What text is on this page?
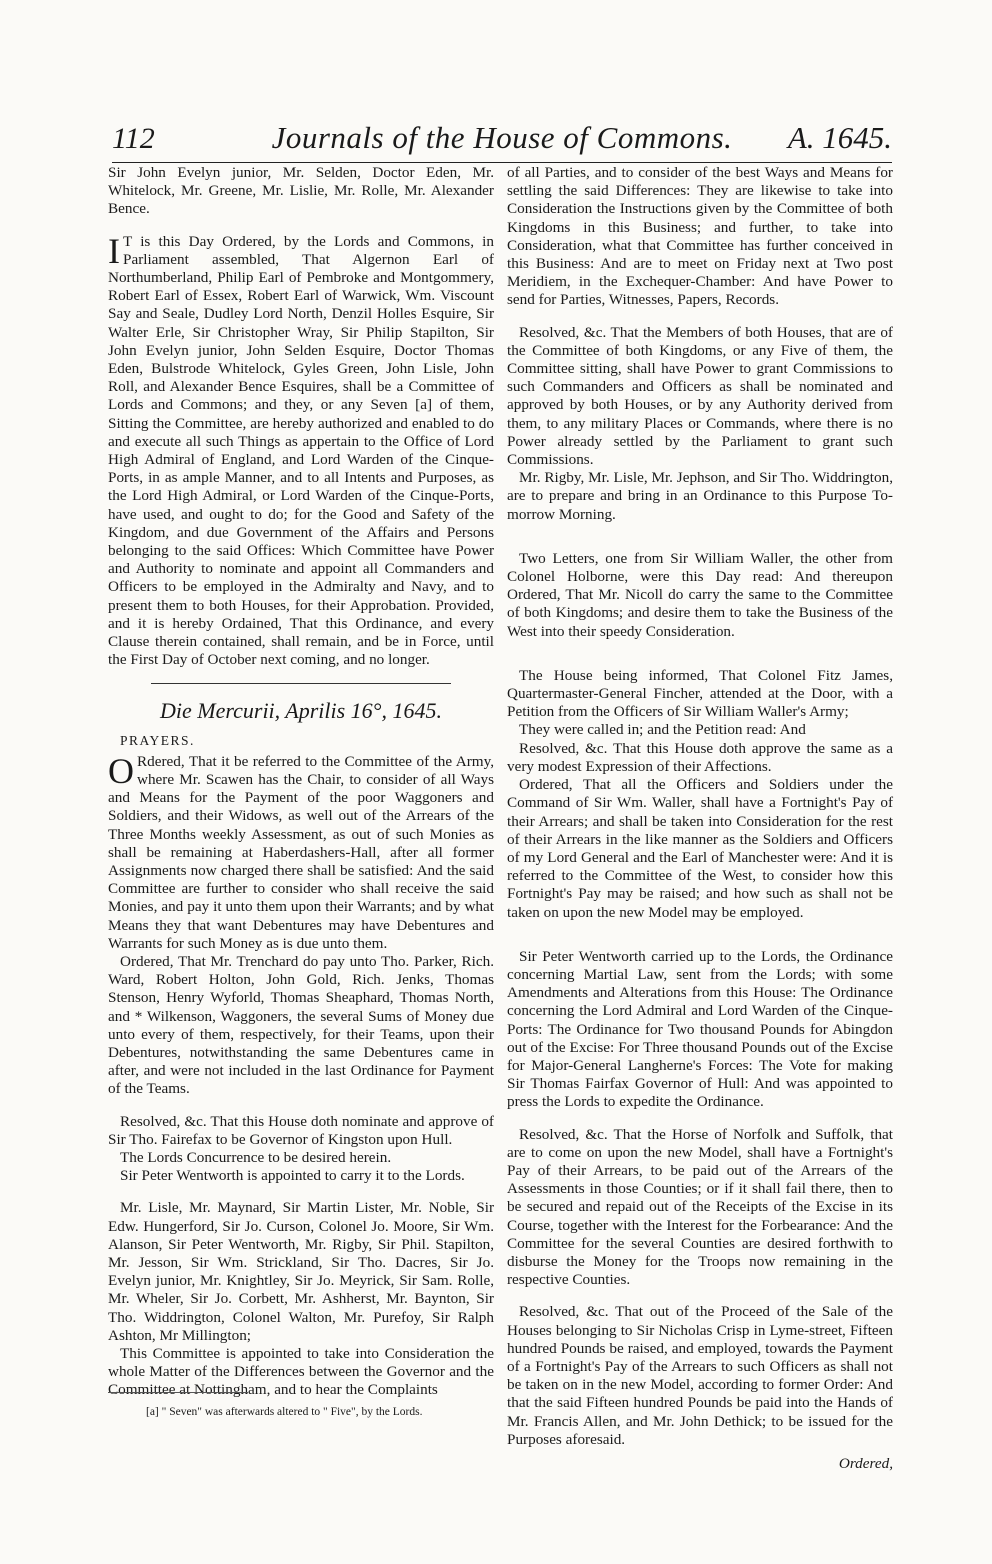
112	Journals of the House of Commons.	A. 1645.

Sir John Evelyn junior, Mr. Selden, Doctor Eden, Mr. Whitelock, Mr. Greene, Mr. Lislie, Mr. Rolle, Mr. Alexander Bence.

IT is this Day Ordered, by the Lords and Commons, in Parliament assembled, That Algernon Earl of Northumberland, Philip Earl of Pembroke and Montgommery, Robert Earl of Essex, Robert Earl of Warwick, Wm. Viscount Say and Seale, Dudley Lord North, Denzil Holles Esquire, Sir Walter Erle, Sir Christopher Wray, Sir Philip Stapilton, Sir John Evelyn junior, John Selden Esquire, Doctor Thomas Eden, Bulstrode Whitelock, Gyles Green, John Lisle, John Roll, and Alexander Bence Esquires, shall be a Committee of Lords and Commons; and they, or any Seven [a] of them, Sitting the Committee, are hereby authorized and enabled to do and execute all such Things as appertain to the Office of Lord High Admiral of England, and Lord Warden of the Cinque-Ports, in as ample Manner, and to all Intents and Purposes, as the Lord High Admiral, or Lord Warden of the Cinque-Ports, have used, and ought to do; for the Good and Safety of the Kingdom, and due Government of the Affairs and Persons belonging to the said Offices: Which Committee have Power and Authority to nominate and appoint all Commanders and Officers to be employed in the Admiralty and Navy, and to present them to both Houses, for their Approbation. Provided, and it is hereby Ordained, That this Ordinance, and every Clause therein contained, shall remain, and be in Force, until the First Day of October next coming, and no longer.

Die Mercurii, Aprilis 16°, 1645.
PRAYERS.

ORdered, That it be referred to the Committee of the Army, where Mr. Scawen has the Chair, to consider of all Ways and Means for the Payment of the poor Waggoners and Soldiers, and their Widows, as well out of the Arrears of the Three Months weekly Assessment, as out of such Monies as shall be remaining at Haberdashers-Hall, after all former Assignments now charged there shall be satisfied: And the said Committee are further to consider who shall receive the said Monies, and pay it unto them upon their Warrants; and by what Means they that want Debentures may have Debentures and Warrants for such Money as is due unto them.

Ordered, That Mr. Trenchard do pay unto Tho. Parker, Rich. Ward, Robert Holton, John Gold, Rich. Jenks, Thomas Stenson, Henry Wyforld, Thomas Sheaphard, Thomas North, and * Wilkenson, Waggoners, the several Sums of Money due unto every of them, respectively, for their Teams, upon their Debentures, notwithstanding the same Debentures came in after, and were not included in the last Ordinance for Payment of the Teams.

Resolved, &c. That this House doth nominate and approve of Sir Tho. Fairefax to be Governor of Kingston upon Hull.

The Lords Concurrence to be desired herein.

Sir Peter Wentworth is appointed to carry it to the Lords.

Mr. Lisle, Mr. Maynard, Sir Martin Lister, Mr. Noble, Sir Edw. Hungerford, Sir Jo. Curson, Colonel Jo. Moore, Sir Wm. Alanson, Sir Peter Wentworth, Mr. Rigby, Sir Phil. Stapilton, Mr. Jesson, Sir Wm. Strickland, Sir Tho. Dacres, Sir Jo. Evelyn junior, Mr. Knightley, Sir Jo. Meyrick, Sir Sam. Rolle, Mr. Wheler, Sir Jo. Corbett, Mr. Ashherst, Mr. Baynton, Sir Tho. Widdrington, Colonel Walton, Mr. Purefoy, Sir Ralph Ashton, Mr Millington;

This Committee is appointed to take into Consideration the whole Matter of the Differences between the Governor and the Committee at Nottingham, and to hear the Complaints

[a] " Seven" was afterwards altered to " Five", by the Lords.

of all Parties, and to consider of the best Ways and Means for settling the said Differences: They are likewise to take into Consideration the Instructions given by the Committee of both Kingdoms in this Business; and further, to take into Consideration, what that Committee has further conceived in this Business: And are to meet on Friday next at Two post Meridiem, in the Exchequer-Chamber: And have Power to send for Parties, Witnesses, Papers, Records.

Resolved, &c. That the Members of both Houses, that are of the Committee of both Kingdoms, or any Five of them, the Committee sitting, shall have Power to grant Commissions to such Commanders and Officers as shall be nominated and approved by both Houses, or by any Authority derived from them, to any military Places or Commands, where there is no Power already settled by the Parliament to grant such Commissions.

Mr. Rigby, Mr. Lisle, Mr. Jephson, and Sir Tho. Widdrington, are to prepare and bring in an Ordinance to this Purpose To-morrow Morning.

Two Letters, one from Sir William Waller, the other from Colonel Holborne, were this Day read: And thereupon Ordered, That Mr. Nicoll do carry the same to the Committee of both Kingdoms; and desire them to take the Business of the West into their speedy Consideration.

The House being informed, That Colonel Fitz James, Quartermaster-General Fincher, attended at the Door, with a Petition from the Officers of Sir William Waller's Army;

They were called in; and the Petition read: And

Resolved, &c. That this House doth approve the same as a very modest Expression of their Affections.

Ordered, That all the Officers and Soldiers under the Command of Sir Wm. Waller, shall have a Fortnight's Pay of their Arrears; and shall be taken into Consideration for the rest of their Arrears in the like manner as the Soldiers and Officers of my Lord General and the Earl of Manchester were: And it is referred to the Committee of the West, to consider how this Fortnight's Pay may be raised; and how such as shall not be taken on upon the new Model may be employed.

Sir Peter Wentworth carried up to the Lords, the Ordinance concerning Martial Law, sent from the Lords; with some Amendments and Alterations from this House: The Ordinance concerning the Lord Admiral and Lord Warden of the Cinque-Ports: The Ordinance for Two thousand Pounds for Abingdon out of the Excise: For Three thousand Pounds out of the Excise for Major-General Langherne's Forces: The Vote for making Sir Thomas Fairfax Governor of Hull: And was appointed to press the Lords to expedite the Ordinance.

Resolved, &c. That the Horse of Norfolk and Suffolk, that are to come on upon the new Model, shall have a Fortnight's Pay of their Arrears, to be paid out of the Arrears of the Assessments in those Counties; or if it shall fail there, then to be secured and repaid out of the Receipts of the Excise in its Course, together with the Interest for the Forbearance: And the Committee for the several Counties are desired forthwith to disburse the Money for the Troops now remaining in the respective Counties.

Resolved, &c. That out of the Proceed of the Sale of the Houses belonging to Sir Nicholas Crisp in Lyme-street, Fifteen hundred Pounds be raised, and employed, towards the Payment of a Fortnight's Pay of the Arrears to such Officers as shall not be taken on in the new Model, according to former Order: And that the said Fifteen hundred Pounds be paid into the Hands of Mr. Francis Allen, and Mr. John Dethick; to be issued for the Purposes aforesaid.

Ordered,
